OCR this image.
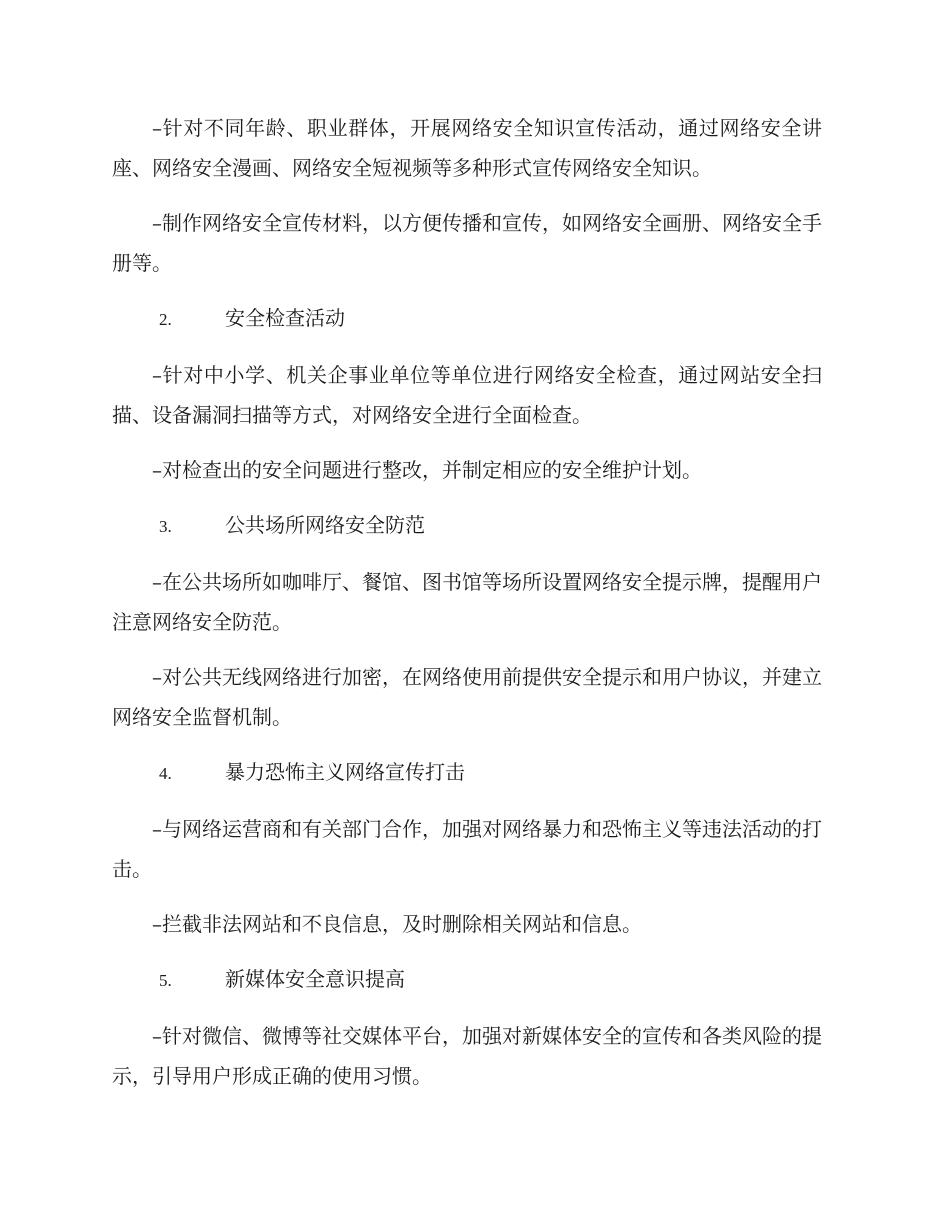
–针对不同年龄、职业群体，开展网络安全知识宣传活动，通过网络安全讲座、网络安全漫画、网络安全短视频等多种形式宣传网络安全知识。

–制作网络安全宣传材料，以方便传播和宣传，如网络安全画册、网络安全手册等。

2.	安全检查活动

–针对中小学、机关企事业单位等单位进行网络安全检查，通过网站安全扫描、设备漏洞扫描等方式，对网络安全进行全面检查。

–对检查出的安全问题进行整改，并制定相应的安全维护计划。

3.	公共场所网络安全防范

–在公共场所如咖啡厅、餐馆、图书馆等场所设置网络安全提示牌，提醒用户注意网络安全防范。

–对公共无线网络进行加密，在网络使用前提供安全提示和用户协议，并建立网络安全监督机制。

4.	暴力恐怖主义网络宣传打击

–与网络运营商和有关部门合作，加强对网络暴力和恐怖主义等违法活动的打击。

–拦截非法网站和不良信息，及时删除相关网站和信息。

5.	新媒体安全意识提高

–针对微信、微博等社交媒体平台，加强对新媒体安全的宣传和各类风险的提示，引导用户形成正确的使用习惯。
